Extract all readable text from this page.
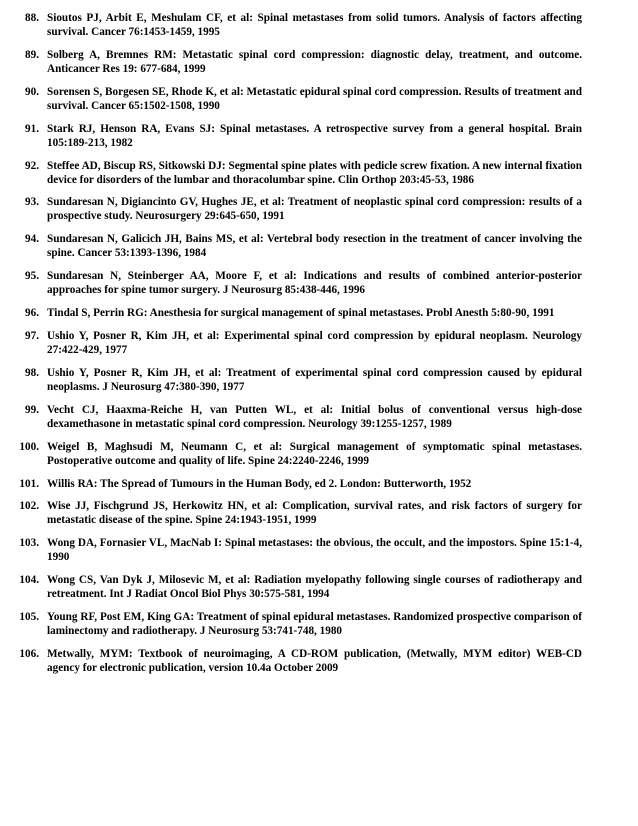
88. Sioutos PJ, Arbit E, Meshulam CF, et al: Spinal metastases from solid tumors. Analysis of factors affecting survival. Cancer 76:1453-1459, 1995
89. Solberg A, Bremnes RM: Metastatic spinal cord compression: diagnostic delay, treatment, and outcome. Anticancer Res 19: 677-684, 1999
90. Sorensen S, Borgesen SE, Rhode K, et al: Metastatic epidural spinal cord compression. Results of treatment and survival. Cancer 65:1502-1508, 1990
91. Stark RJ, Henson RA, Evans SJ: Spinal metastases. A retrospective survey from a general hospital. Brain 105:189-213, 1982
92. Steffee AD, Biscup RS, Sitkowski DJ: Segmental spine plates with pedicle screw fixation. A new internal fixation device for disorders of the lumbar and thoracolumbar spine. Clin Orthop 203:45-53, 1986
93. Sundaresan N, Digiancinto GV, Hughes JE, et al: Treatment of neoplastic spinal cord compression: results of a prospective study. Neurosurgery 29:645-650, 1991
94. Sundaresan N, Galicich JH, Bains MS, et al: Vertebral body resection in the treatment of cancer involving the spine. Cancer 53:1393-1396, 1984
95. Sundaresan N, Steinberger AA, Moore F, et al: Indications and results of combined anterior-posterior approaches for spine tumor surgery. J Neurosurg 85:438-446, 1996
96. Tindal S, Perrin RG: Anesthesia for surgical management of spinal metastases. Probl Anesth 5:80-90, 1991
97. Ushio Y, Posner R, Kim JH, et al: Experimental spinal cord compression by epidural neoplasm. Neurology 27:422-429, 1977
98. Ushio Y, Posner R, Kim JH, et al: Treatment of experimental spinal cord compression caused by epidural neoplasms. J Neurosurg 47:380-390, 1977
99. Vecht CJ, Haaxma-Reiche H, van Putten WL, et al: Initial bolus of conventional versus high-dose dexamethasone in metastatic spinal cord compression. Neurology 39:1255-1257, 1989
100. Weigel B, Maghsudi M, Neumann C, et al: Surgical management of symptomatic spinal metastases. Postoperative outcome and quality of life. Spine 24:2240-2246, 1999
101. Willis RA: The Spread of Tumours in the Human Body, ed 2. London: Butterworth, 1952
102. Wise JJ, Fischgrund JS, Herkowitz HN, et al: Complication, survival rates, and risk factors of surgery for metastatic disease of the spine. Spine 24:1943-1951, 1999
103. Wong DA, Fornasier VL, MacNab I: Spinal metastases: the obvious, the occult, and the impostors. Spine 15:1-4, 1990
104. Wong CS, Van Dyk J, Milosevic M, et al: Radiation myelopathy following single courses of radiotherapy and retreatment. Int J Radiat Oncol Biol Phys 30:575-581, 1994
105. Young RF, Post EM, King GA: Treatment of spinal epidural metastases. Randomized prospective comparison of laminectomy and radiotherapy. J Neurosurg 53:741-748, 1980
106. Metwally, MYM: Textbook of neuroimaging, A CD-ROM publication, (Metwally, MYM editor) WEB-CD agency for electronic publication, version 10.4a October 2009
